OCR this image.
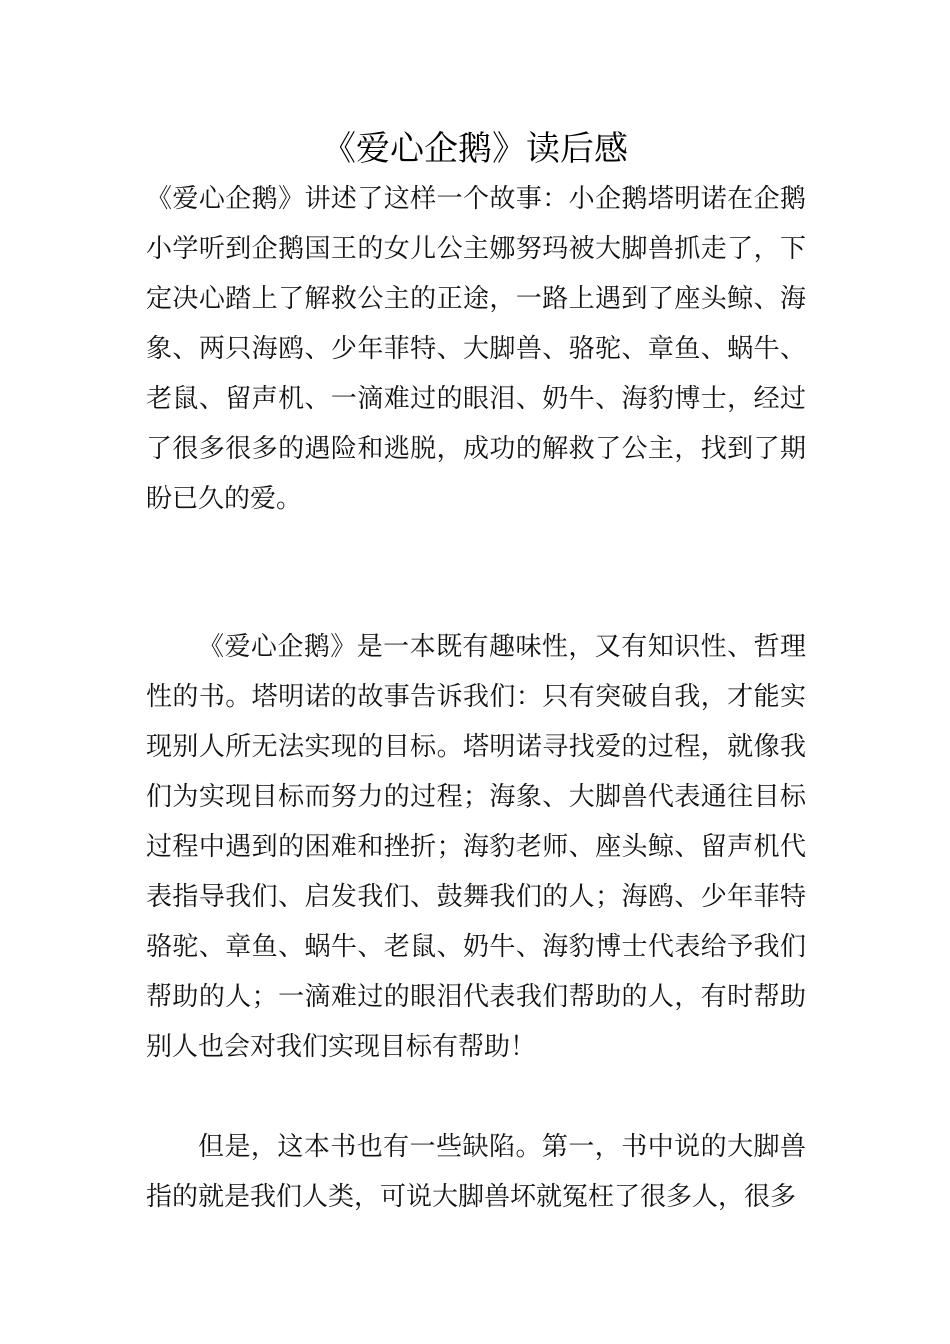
《爱心企鹅》读后感

《爱心企鹅》讲述了这样一个故事：小企鹅塔明诺在企鹅小学听到企鹅国王的女儿公主娜努玛被大脚兽抓走了，下定决心踏上了解救公主的正途，一路上遇到了座头鲸、海象、两只海鸥、少年菲特、大脚兽、骆驼、章鱼、蜗牛、老鼠、留声机、一滴难过的眼泪、奶牛、海豹博士，经过了很多很多的遇险和逃脱，成功的解救了公主，找到了期盼已久的爱。

《爱心企鹅》是一本既有趣味性，又有知识性、哲理性的书。塔明诺的故事告诉我们：只有突破自我，才能实现别人所无法实现的目标。塔明诺寻找爱的过程，就像我们为实现目标而努力的过程；海象、大脚兽代表通往目标过程中遇到的困难和挫折；海豹老师、座头鲸、留声机代表指导我们、启发我们、鼓舞我们的人；海鸥、少年菲特骆驼、章鱼、蜗牛、老鼠、奶牛、海豹博士代表给予我们帮助的人；一滴难过的眼泪代表我们帮助的人，有时帮助别人也会对我们实现目标有帮助！

但是，这本书也有一些缺陷。第一，书中说的大脚兽指的就是我们人类，可说大脚兽坏就冤枉了很多人，很多
